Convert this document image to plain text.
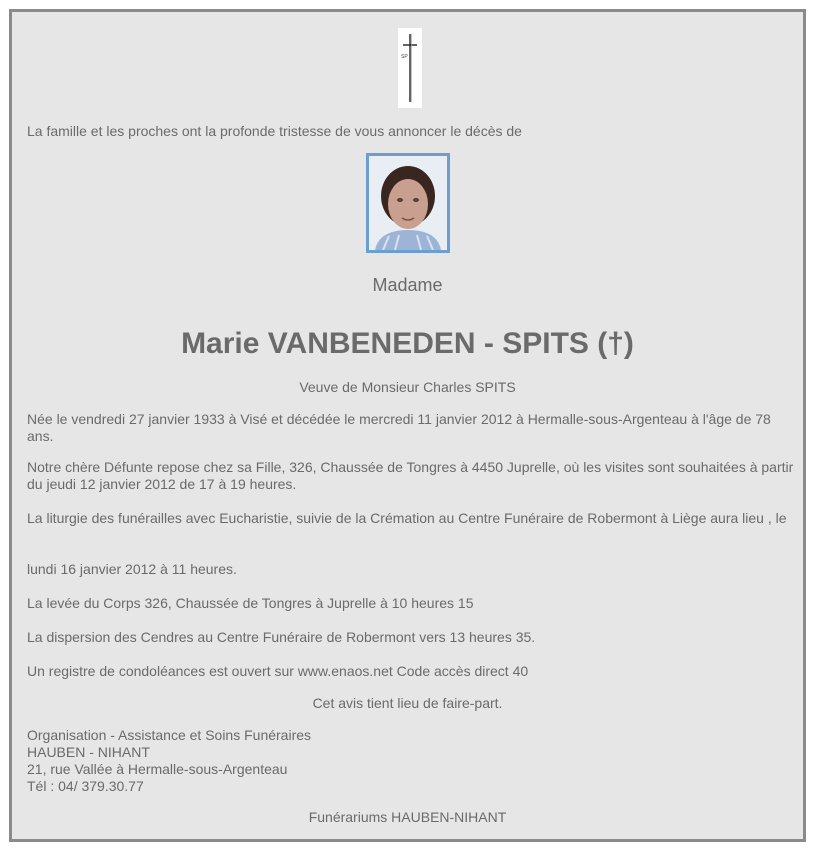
SP

La famille et les proches ont la profonde tristesse de vous annoncer le décès de

Madame
Marie VANBENEDEN - SPITS (†)

Veuve de Monsieur Charles SPITS

Née le vendredi 27 janvier 1933 à Visé et décédée le mercredi 11 janvier 2012 à Hermalle-sous-Argenteau à l'âge de 78 ans.

Notre chère Défunte repose chez sa Fille, 326, Chaussée de Tongres à 4450 Juprelle, où les visites sont souhaitées à partir du jeudi 12 janvier 2012 de 17 à 19 heures.

La liturgie des funérailles avec Eucharistie, suivie de la Crémation au Centre Funéraire de Robermont à Liège aura lieu , le

lundi 16 janvier 2012 à 11 heures.

La levée du Corps 326, Chaussée de Tongres à Juprelle à 10 heures 15

La dispersion des Cendres au Centre Funéraire de Robermont vers 13 heures 35.

Un registre de condoléances est ouvert sur www.enaos.net Code accès direct 40

Cet avis tient lieu de faire-part.

Organisation - Assistance et Soins Funéraires
HAUBEN - NIHANT
21, rue Vallée à Hermalle-sous-Argenteau
Tél : 04/ 379.30.77

Funérariums HAUBEN-NIHANT
